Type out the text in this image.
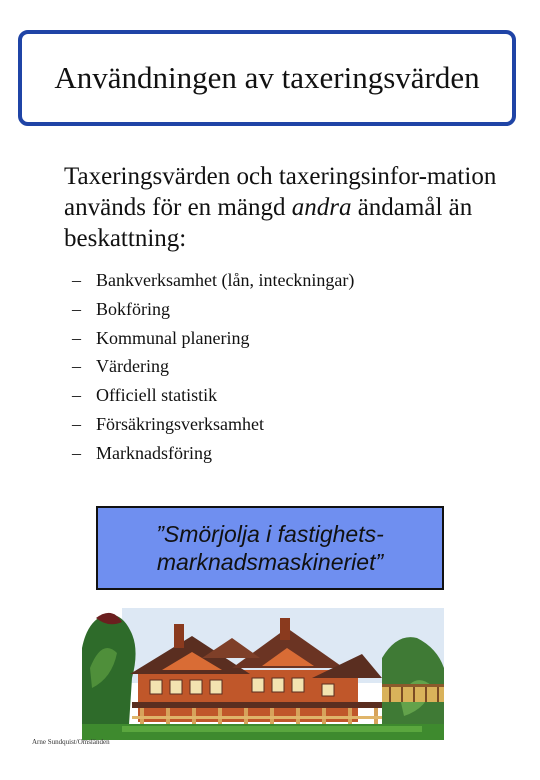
Användningen av taxeringsvärden
Taxeringsvärden och taxeringsinfor-mation används för en mängd andra ändamål än beskattning:
– Bankverksamhet (lån, inteckningar)
– Bokföring
– Kommunal planering
– Värdering
– Officiell statistik
– Försäkringsverksamhet
– Marknadsföring
”Smörjolja i fastighets-
marknadsmaskineriet”
Arne Sundquist/Omsländen
